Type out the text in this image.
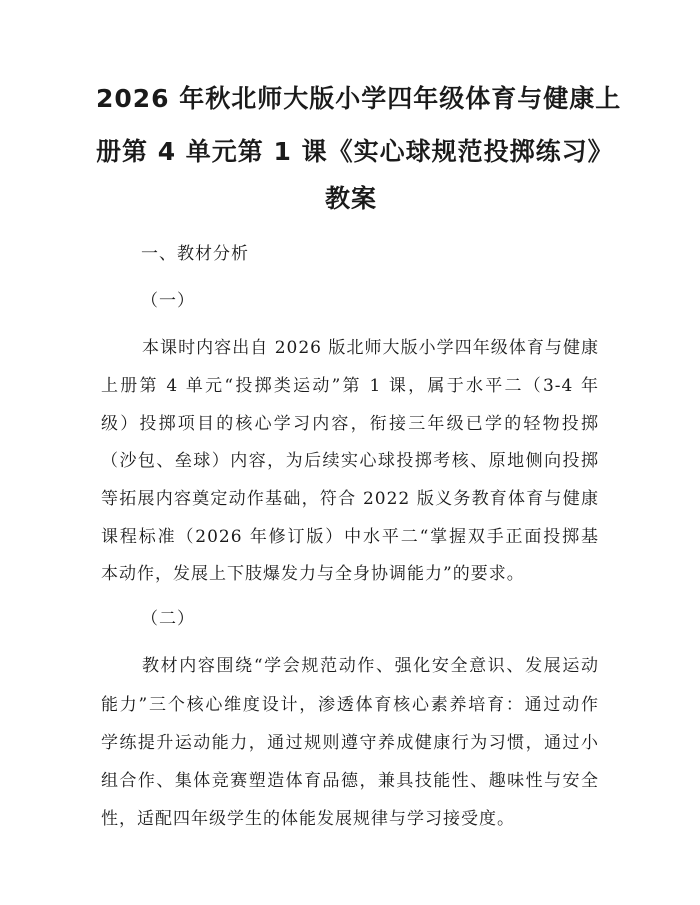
2026 年秋北师大版小学四年级体育与健康上
册第 4 单元第 1 课《实心球规范投掷练习》
教案
一、教材分析
（一）
本课时内容出自 2026 版北师大版小学四年级体育与健康
上册第 4 单元“投掷类运动”第 1 课，属于水平二（3-4 年
级）投掷项目的核心学习内容，衔接三年级已学的轻物投掷
（沙包、垒球）内容，为后续实心球投掷考核、原地侧向投掷
等拓展内容奠定动作基础，符合 2022 版义务教育体育与健康
课程标准（2026 年修订版）中水平二“掌握双手正面投掷基
本动作，发展上下肢爆发力与全身协调能力”的要求。
（二）
教材内容围绕“学会规范动作、强化安全意识、发展运动
能力”三个核心维度设计，渗透体育核心素养培育：通过动作
学练提升运动能力，通过规则遵守养成健康行为习惯，通过小
组合作、集体竞赛塑造体育品德，兼具技能性、趣味性与安全
性，适配四年级学生的体能发展规律与学习接受度。
